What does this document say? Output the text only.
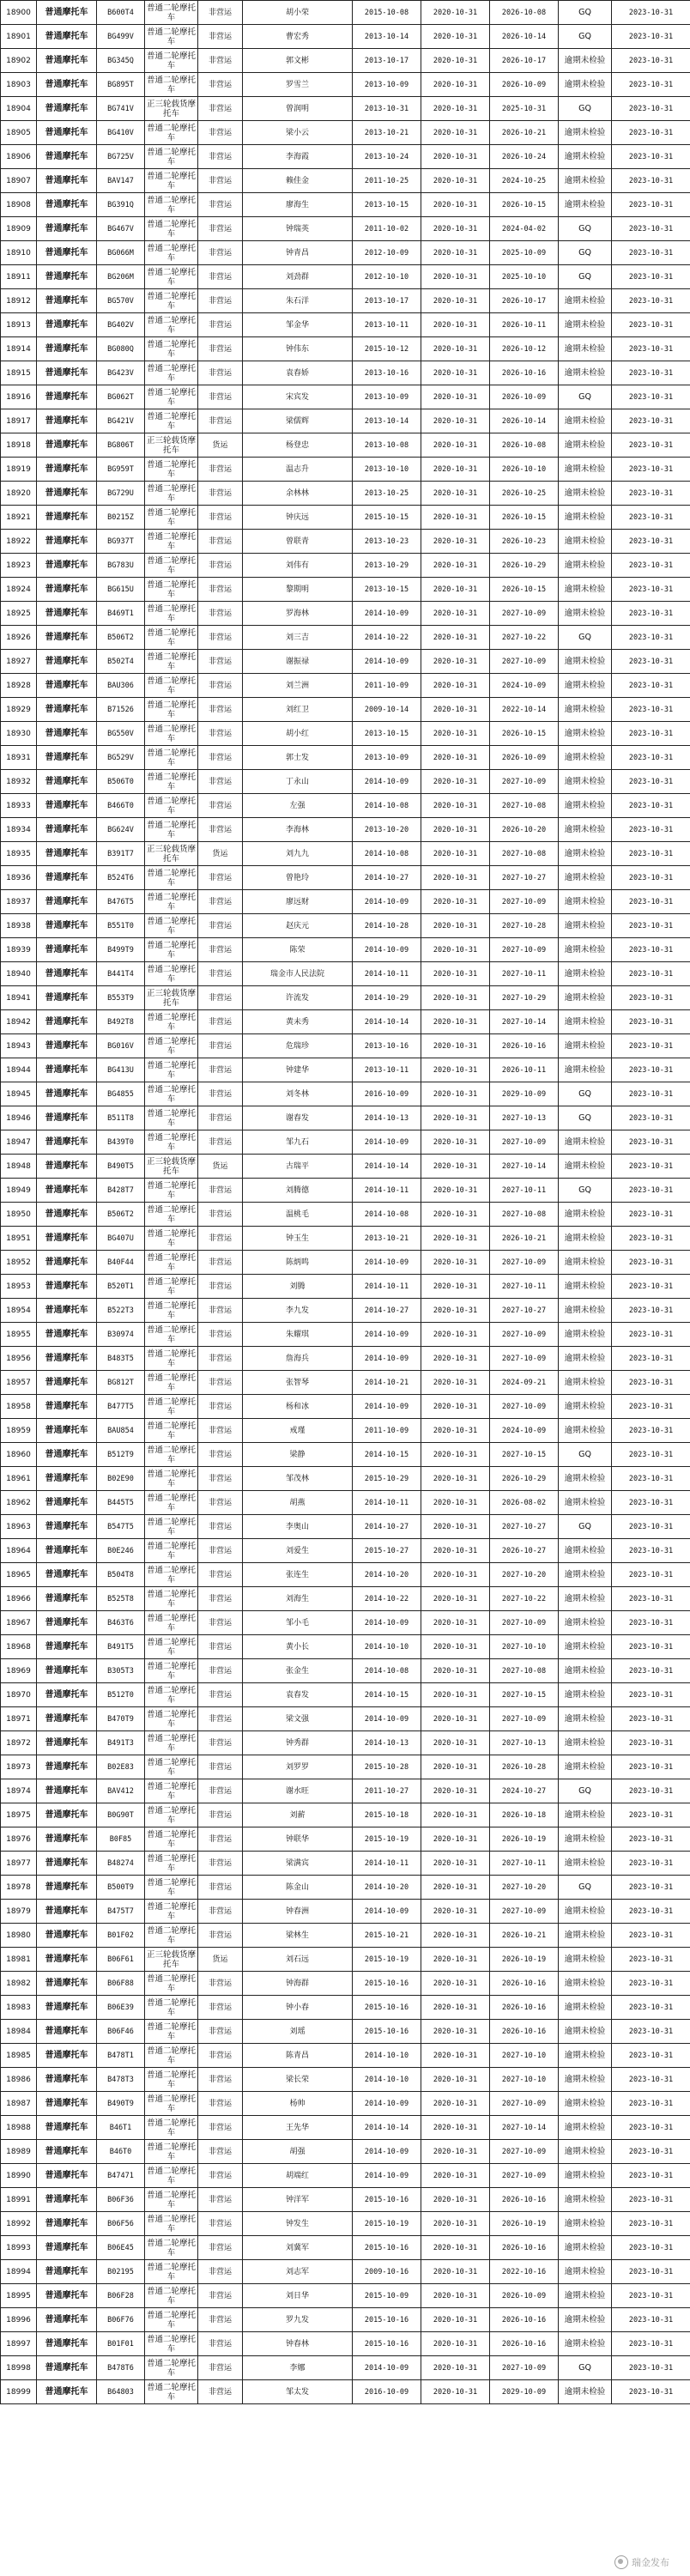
18900	普通摩托车	B600T4	普通二轮摩托车	非营运	胡小荣	2015-10-08	2020-10-31	2026-10-08	GQ	2023-10-31
18901	普通摩托车	BG499V	普通二轮摩托车	非营运	曹宏秀	2013-10-14	2020-10-31	2026-10-14	GQ	2023-10-31
18902	普通摩托车	BG345Q	普通二轮摩托车	非营运	郭文彬	2013-10-17	2020-10-31	2026-10-17	逾期未检验	2023-10-31
18903	普通摩托车	BG895T	普通二轮摩托车	非营运	罗雪兰	2013-10-09	2020-10-31	2026-10-09	逾期未检验	2023-10-31
18904	普通摩托车	BG741V	正三轮载货摩托车	非营运	曾润明	2013-10-31	2020-10-31	2025-10-31	GQ	2023-10-31
18905	普通摩托车	BG410V	普通二轮摩托车	非营运	梁小云	2013-10-21	2020-10-31	2026-10-21	逾期未检验	2023-10-31
18906	普通摩托车	BG725V	普通二轮摩托车	非营运	李海霞	2013-10-24	2020-10-31	2026-10-24	逾期未检验	2023-10-31
18907	普通摩托车	BAV147	普通二轮摩托车	非营运	赖佳金	2011-10-25	2020-10-31	2024-10-25	逾期未检验	2023-10-31
18908	普通摩托车	BG391Q	普通二轮摩托车	非营运	廖海生	2013-10-15	2020-10-31	2026-10-15	逾期未检验	2023-10-31
18909	普通摩托车	BG467V	普通二轮摩托车	非营运	钟瑞英	2011-10-02	2020-10-31	2024-04-02	GQ	2023-10-31
18910	普通摩托车	BG066M	普通二轮摩托车	非营运	钟青昌	2012-10-09	2020-10-31	2025-10-09	GQ	2023-10-31
18911	普通摩托车	BG206M	普通二轮摩托车	非营运	刘劲群	2012-10-10	2020-10-31	2025-10-10	GQ	2023-10-31
18912	普通摩托车	BG570V	普通二轮摩托车	非营运	朱石洋	2013-10-17	2020-10-31	2026-10-17	逾期未检验	2023-10-31
18913	普通摩托车	BG402V	普通二轮摩托车	非营运	邹金华	2013-10-11	2020-10-31	2026-10-11	逾期未检验	2023-10-31
18914	普通摩托车	BG080Q	普通二轮摩托车	非营运	钟伟东	2015-10-12	2020-10-31	2026-10-12	逾期未检验	2023-10-31
18915	普通摩托车	BG423V	普通二轮摩托车	非营运	袁春娇	2013-10-16	2020-10-31	2026-10-16	逾期未检验	2023-10-31
18916	普通摩托车	BG062T	普通二轮摩托车	非营运	宋宾发	2013-10-09	2020-10-31	2026-10-09	GQ	2023-10-31
18917	普通摩托车	BG421V	普通二轮摩托车	非营运	梁儒辉	2013-10-14	2020-10-31	2026-10-14	逾期未检验	2023-10-31
18918	普通摩托车	BG806T	正三轮载货摩托车	货运	杨登忠	2013-10-08	2020-10-31	2026-10-08	逾期未检验	2023-10-31
18919	普通摩托车	BG959T	普通二轮摩托车	非营运	温志升	2013-10-10	2020-10-31	2026-10-10	逾期未检验	2023-10-31
18920	普通摩托车	BG729U	普通二轮摩托车	非营运	余林林	2013-10-25	2020-10-31	2026-10-25	逾期未检验	2023-10-31
18921	普通摩托车	B0215Z	普通二轮摩托车	非营运	钟庆远	2015-10-15	2020-10-31	2026-10-15	逾期未检验	2023-10-31
18922	普通摩托车	BG937T	普通二轮摩托车	非营运	曾联青	2013-10-23	2020-10-31	2026-10-23	逾期未检验	2023-10-31
18923	普通摩托车	BG783U	普通二轮摩托车	非营运	刘伟有	2013-10-29	2020-10-31	2026-10-29	逾期未检验	2023-10-31
18924	普通摩托车	BG615U	普通二轮摩托车	非营运	黎期明	2013-10-15	2020-10-31	2026-10-15	逾期未检验	2023-10-31
18925	普通摩托车	B469T1	普通二轮摩托车	非营运	罗海林	2014-10-09	2020-10-31	2027-10-09	逾期未检验	2023-10-31
18926	普通摩托车	B506T2	普通二轮摩托车	非营运	刘三吉	2014-10-22	2020-10-31	2027-10-22	GQ	2023-10-31
18927	普通摩托车	B502T4	普通二轮摩托车	非营运	谢振禄	2014-10-09	2020-10-31	2027-10-09	逾期未检验	2023-10-31
18928	普通摩托车	BAU306	普通二轮摩托车	非营运	刘兰洲	2011-10-09	2020-10-31	2024-10-09	逾期未检验	2023-10-31
18929	普通摩托车	B71526	普通二轮摩托车	非营运	刘红卫	2009-10-14	2020-10-31	2022-10-14	逾期未检验	2023-10-31
18930	普通摩托车	BG550V	普通二轮摩托车	非营运	胡小红	2013-10-15	2020-10-31	2026-10-15	逾期未检验	2023-10-31
18931	普通摩托车	BG529V	普通二轮摩托车	非营运	郭士发	2013-10-09	2020-10-31	2026-10-09	逾期未检验	2023-10-31
18932	普通摩托车	B506T0	普通二轮摩托车	非营运	丁永山	2014-10-09	2020-10-31	2027-10-09	逾期未检验	2023-10-31
18933	普通摩托车	B466T0	普通二轮摩托车	非营运	左强	2014-10-08	2020-10-31	2027-10-08	逾期未检验	2023-10-31
18934	普通摩托车	BG624V	普通二轮摩托车	非营运	李海林	2013-10-20	2020-10-31	2026-10-20	逾期未检验	2023-10-31
18935	普通摩托车	B391T7	正三轮载货摩托车	货运	刘九九	2014-10-08	2020-10-31	2027-10-08	逾期未检验	2023-10-31
18936	普通摩托车	B524T6	普通二轮摩托车	非营运	曾艳玲	2014-10-27	2020-10-31	2027-10-27	逾期未检验	2023-10-31
18937	普通摩托车	B476T5	普通二轮摩托车	非营运	廖远财	2014-10-09	2020-10-31	2027-10-09	逾期未检验	2023-10-31
18938	普通摩托车	B551T0	普通二轮摩托车	非营运	赵庆元	2014-10-28	2020-10-31	2027-10-28	逾期未检验	2023-10-31
18939	普通摩托车	B499T9	普通二轮摩托车	非营运	陈荣	2014-10-09	2020-10-31	2027-10-09	逾期未检验	2023-10-31
18940	普通摩托车	B441T4	普通二轮摩托车	非营运	瑞金市人民法院	2014-10-11	2020-10-31	2027-10-11	逾期未检验	2023-10-31
18941	普通摩托车	B553T9	正三轮载货摩托车	非营运	许流发	2014-10-29	2020-10-31	2027-10-29	逾期未检验	2023-10-31
18942	普通摩托车	B492T8	普通二轮摩托车	非营运	黄未秀	2014-10-14	2020-10-31	2027-10-14	逾期未检验	2023-10-31
18943	普通摩托车	BG016V	普通二轮摩托车	非营运	危瑞珍	2013-10-16	2020-10-31	2026-10-16	逾期未检验	2023-10-31
18944	普通摩托车	BG413U	普通二轮摩托车	非营运	钟建华	2013-10-11	2020-10-31	2026-10-11	逾期未检验	2023-10-31
18945	普通摩托车	BG4855	普通二轮摩托车	非营运	刘冬林	2016-10-09	2020-10-31	2029-10-09	GQ	2023-10-31
18946	普通摩托车	B511T8	普通二轮摩托车	非营运	谢春发	2014-10-13	2020-10-31	2027-10-13	GQ	2023-10-31
18947	普通摩托车	B439T0	普通二轮摩托车	非营运	邹九石	2014-10-09	2020-10-31	2027-10-09	逾期未检验	2023-10-31
18948	普通摩托车	B490T5	正三轮载货摩托车	货运	古瑞平	2014-10-14	2020-10-31	2027-10-14	逾期未检验	2023-10-31
18949	普通摩托车	B428T7	普通二轮摩托车	非营运	刘腾德	2014-10-11	2020-10-31	2027-10-11	GQ	2023-10-31
18950	普通摩托车	B506T2	普通二轮摩托车	非营运	温桃毛	2014-10-08	2020-10-31	2027-10-08	逾期未检验	2023-10-31
18951	普通摩托车	BG407U	普通二轮摩托车	非营运	钟玉生	2013-10-21	2020-10-31	2026-10-21	逾期未检验	2023-10-31
18952	普通摩托车	B40F44	普通二轮摩托车	非营运	陈炳鸣	2014-10-09	2020-10-31	2027-10-09	逾期未检验	2023-10-31
18953	普通摩托车	B520T1	普通二轮摩托车	非营运	刘腾	2014-10-11	2020-10-31	2027-10-11	逾期未检验	2023-10-31
18954	普通摩托车	B522T3	普通二轮摩托车	非营运	李九发	2014-10-27	2020-10-31	2027-10-27	逾期未检验	2023-10-31
18955	普通摩托车	B30974	普通二轮摩托车	非营运	朱耀琪	2014-10-09	2020-10-31	2027-10-09	逾期未检验	2023-10-31
18956	普通摩托车	B483T5	普通二轮摩托车	非营运	詹海兵	2014-10-09	2020-10-31	2027-10-09	逾期未检验	2023-10-31
18957	普通摩托车	BG812T	普通二轮摩托车	非营运	张智琴	2014-10-21	2020-10-31	2024-09-21	逾期未检验	2023-10-31
18958	普通摩托车	B477T5	普通二轮摩托车	非营运	杨和冰	2014-10-09	2020-10-31	2027-10-09	逾期未检验	2023-10-31
18959	普通摩托车	BAU854	普通二轮摩托车	非营运	戒瑾	2011-10-09	2020-10-31	2024-10-09	逾期未检验	2023-10-31
18960	普通摩托车	B512T9	普通二轮摩托车	非营运	梁静	2014-10-15	2020-10-31	2027-10-15	GQ	2023-10-31
18961	普通摩托车	B02E90	普通二轮摩托车	非营运	邹茂林	2015-10-29	2020-10-31	2026-10-29	逾期未检验	2023-10-31
18962	普通摩托车	B445T5	普通二轮摩托车	非营运	胡燕	2014-10-11	2020-10-31	2026-08-02	逾期未检验	2023-10-31
18963	普通摩托车	B547T5	普通二轮摩托车	非营运	李奥山	2014-10-27	2020-10-31	2027-10-27	GQ	2023-10-31
18964	普通摩托车	B0E246	普通二轮摩托车	非营运	刘爱生	2015-10-27	2020-10-31	2026-10-27	逾期未检验	2023-10-31
18965	普通摩托车	B504T8	普通二轮摩托车	非营运	张连生	2014-10-20	2020-10-31	2027-10-20	逾期未检验	2023-10-31
18966	普通摩托车	B525T8	普通二轮摩托车	非营运	刘海生	2014-10-22	2020-10-31	2027-10-22	逾期未检验	2023-10-31
18967	普通摩托车	B463T6	普通二轮摩托车	非营运	邹小毛	2014-10-09	2020-10-31	2027-10-09	逾期未检验	2023-10-31
18968	普通摩托车	B491T5	普通二轮摩托车	非营运	黄小长	2014-10-10	2020-10-31	2027-10-10	逾期未检验	2023-10-31
18969	普通摩托车	B305T3	普通二轮摩托车	非营运	张金生	2014-10-08	2020-10-31	2027-10-08	逾期未检验	2023-10-31
18970	普通摩托车	B512T0	普通二轮摩托车	非营运	袁春发	2014-10-15	2020-10-31	2027-10-15	逾期未检验	2023-10-31
18971	普通摩托车	B470T9	普通二轮摩托车	非营运	梁文强	2014-10-09	2020-10-31	2027-10-09	逾期未检验	2023-10-31
18972	普通摩托车	B491T3	普通二轮摩托车	非营运	钟秀群	2014-10-13	2020-10-31	2027-10-13	逾期未检验	2023-10-31
18973	普通摩托车	B02E83	普通二轮摩托车	非营运	刘罗罗	2015-10-28	2020-10-31	2026-10-28	逾期未检验	2023-10-31
18974	普通摩托车	BAV412	普通二轮摩托车	非营运	谢水旺	2011-10-27	2020-10-31	2024-10-27	GQ	2023-10-31
18975	普通摩托车	B0G90T	普通二轮摩托车	非营运	刘薪	2015-10-18	2020-10-31	2026-10-18	逾期未检验	2023-10-31
18976	普通摩托车	B0F85	普通二轮摩托车	非营运	钟联华	2015-10-19	2020-10-31	2026-10-19	逾期未检验	2023-10-31
18977	普通摩托车	B48274	普通二轮摩托车	非营运	梁满宾	2014-10-11	2020-10-31	2027-10-11	逾期未检验	2023-10-31
18978	普通摩托车	B500T9	普通二轮摩托车	非营运	陈金山	2014-10-20	2020-10-31	2027-10-20	GQ	2023-10-31
18979	普通摩托车	B475T7	普通二轮摩托车	非营运	钟春洲	2014-10-09	2020-10-31	2027-10-09	逾期未检验	2023-10-31
18980	普通摩托车	B01F02	普通二轮摩托车	非营运	梁林生	2015-10-21	2020-10-31	2026-10-21	逾期未检验	2023-10-31
18981	普通摩托车	B06F61	正三轮载货摩托车	货运	刘石远	2015-10-19	2020-10-31	2026-10-19	逾期未检验	2023-10-31
18982	普通摩托车	B06F88	普通二轮摩托车	非营运	钟海群	2015-10-16	2020-10-31	2026-10-16	逾期未检验	2023-10-31
18983	普通摩托车	B06E39	普通二轮摩托车	非营运	钟小春	2015-10-16	2020-10-31	2026-10-16	逾期未检验	2023-10-31
18984	普通摩托车	B06F46	普通二轮摩托车	非营运	刘瑶	2015-10-16	2020-10-31	2026-10-16	逾期未检验	2023-10-31
18985	普通摩托车	B478T1	普通二轮摩托车	非营运	陈青昌	2014-10-10	2020-10-31	2027-10-10	逾期未检验	2023-10-31
18986	普通摩托车	B478T3	普通二轮摩托车	非营运	梁长荣	2014-10-10	2020-10-31	2027-10-10	逾期未检验	2023-10-31
18987	普通摩托车	B490T9	普通二轮摩托车	非营运	杨帅	2014-10-09	2020-10-31	2027-10-09	逾期未检验	2023-10-31
18988	普通摩托车	B46T1	普通二轮摩托车	非营运	王先华	2014-10-14	2020-10-31	2027-10-14	逾期未检验	2023-10-31
18989	普通摩托车	B46T0	普通二轮摩托车	非营运	胡强	2014-10-09	2020-10-31	2027-10-09	逾期未检验	2023-10-31
18990	普通摩托车	B47471	普通二轮摩托车	非营运	胡端红	2014-10-09	2020-10-31	2027-10-09	逾期未检验	2023-10-31
18991	普通摩托车	B06F36	普通二轮摩托车	非营运	钟洋军	2015-10-16	2020-10-31	2026-10-16	逾期未检验	2023-10-31
18992	普通摩托车	B06F56	普通二轮摩托车	非营运	钟发生	2015-10-19	2020-10-31	2026-10-19	逾期未检验	2023-10-31
18993	普通摩托车	B06E45	普通二轮摩托车	非营运	刘冀军	2015-10-16	2020-10-31	2026-10-16	逾期未检验	2023-10-31
18994	普通摩托车	B02195	普通二轮摩托车	非营运	刘志军	2009-10-16	2020-10-31	2022-10-16	逾期未检验	2023-10-31
18995	普通摩托车	B06F28	普通二轮摩托车	非营运	刘日华	2015-10-09	2020-10-31	2026-10-09	逾期未检验	2023-10-31
18996	普通摩托车	B06F76	普通二轮摩托车	非营运	罗九发	2015-10-16	2020-10-31	2026-10-16	逾期未检验	2023-10-31
18997	普通摩托车	B01F01	普通二轮摩托车	非营运	钟春林	2015-10-16	2020-10-31	2026-10-16	逾期未检验	2023-10-31
18998	普通摩托车	B478T6	普通二轮摩托车	非营运	李娜	2014-10-09	2020-10-31	2027-10-09	GQ	2023-10-31
18999	普通摩托车	B64803	普通二轮摩托车	非营运	邹太发	2016-10-09	2020-10-31	2029-10-09	逾期未检验	2023-10-31
瑞金发布
